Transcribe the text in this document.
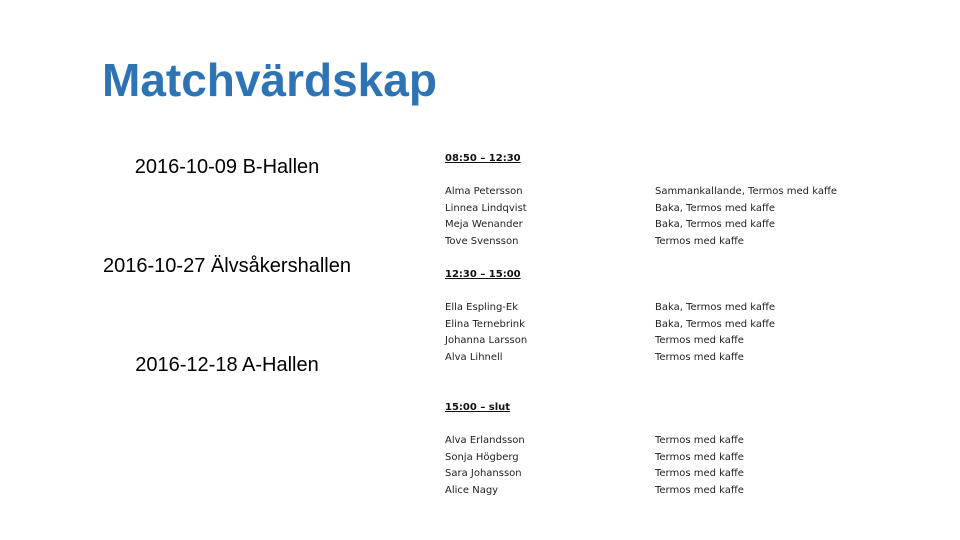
Matchvärdskap
2016-10-09 B-Hallen
2016-10-27 Älvsåkershallen
2016-12-18 A-Hallen
08:50 – 12:30
Alma Petersson	Sammankallande, Termos med kaffe
Linnea Lindqvist	Baka, Termos med kaffe
Meja Wenander	Baka, Termos med kaffe
Tove Svensson	Termos med kaffe
12:30 – 15:00
Ella Espling-Ek	Baka, Termos med kaffe
Elina Ternebrink	Baka, Termos med kaffe
Johanna Larsson	Termos med kaffe
Alva Lihnell	Termos med kaffe
15:00 – slut
Alva Erlandsson	Termos med kaffe
Sonja Högberg	Termos med kaffe
Sara Johansson	Termos med kaffe
Alice Nagy	Termos med kaffe
